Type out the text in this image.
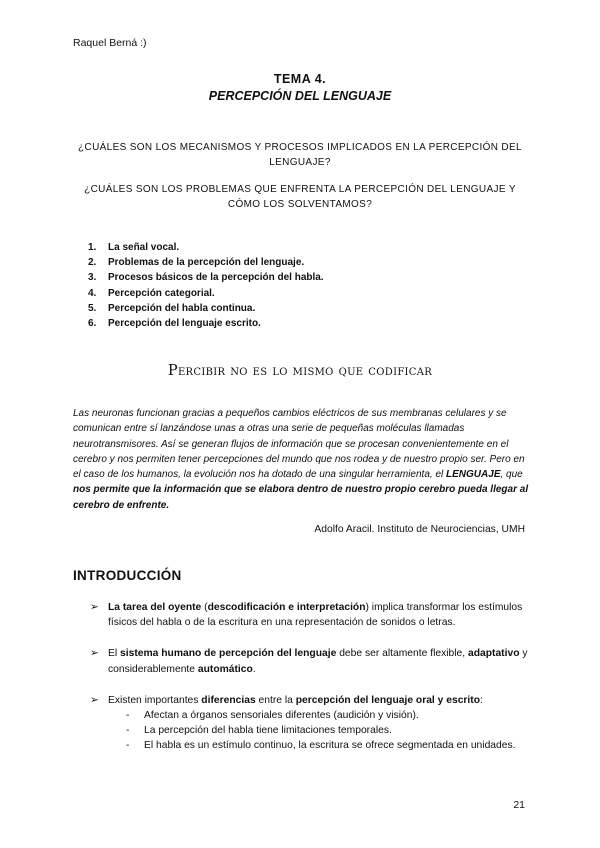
Raquel Berná :)
TEMA 4.
PERCEPCIÓN DEL LENGUAJE

¿CUÁLES SON LOS MECANISMOS Y PROCESOS IMPLICADOS EN LA PERCEPCIÓN DEL LENGUAJE?

¿CUÁLES SON LOS PROBLEMAS QUE ENFRENTA LA PERCEPCIÓN DEL LENGUAJE Y CÓMO LOS SOLVENTAMOS?

1. La señal vocal.
2. Problemas de la percepción del lenguaje.
3. Procesos básicos de la percepción del habla.
4. Percepción categorial.
5. Percepción del habla continua.
6. Percepción del lenguaje escrito.
Percibir no es lo mismo que codificar
Las neuronas funcionan gracias a pequeños cambios eléctricos de sus membranas celulares y se comunican entre sí lanzándose unas a otras una serie de pequeñas moléculas llamadas neurotransmisores. Así se generan flujos de información que se procesan convenientemente en el cerebro y nos permiten tener percepciones del mundo que nos rodea y de nuestro propio ser. Pero en el caso de los humanos, la evolución nos ha dotado de una singular herramienta, el LENGUAJE, que nos permite que la información que se elabora dentro de nuestro propio cerebro pueda llegar al cerebro de enfrente.
Adolfo Aracil. Instituto de Neurociencias, UMH
INTRODUCCIÓN
➢ La tarea del oyente (descodificación e interpretación) implica transformar los estímulos físicos del habla o de la escritura en una representación de sonidos o letras.
➢ El sistema humano de percepción del lenguaje debe ser altamente flexible, adaptativo y considerablemente automático.
➢ Existen importantes diferencias entre la percepción del lenguaje oral y escrito:
- Afectan a órganos sensoriales diferentes (audición y visión).
- La percepción del habla tiene limitaciones temporales.
- El habla es un estímulo continuo, la escritura se ofrece segmentada en unidades.
21
